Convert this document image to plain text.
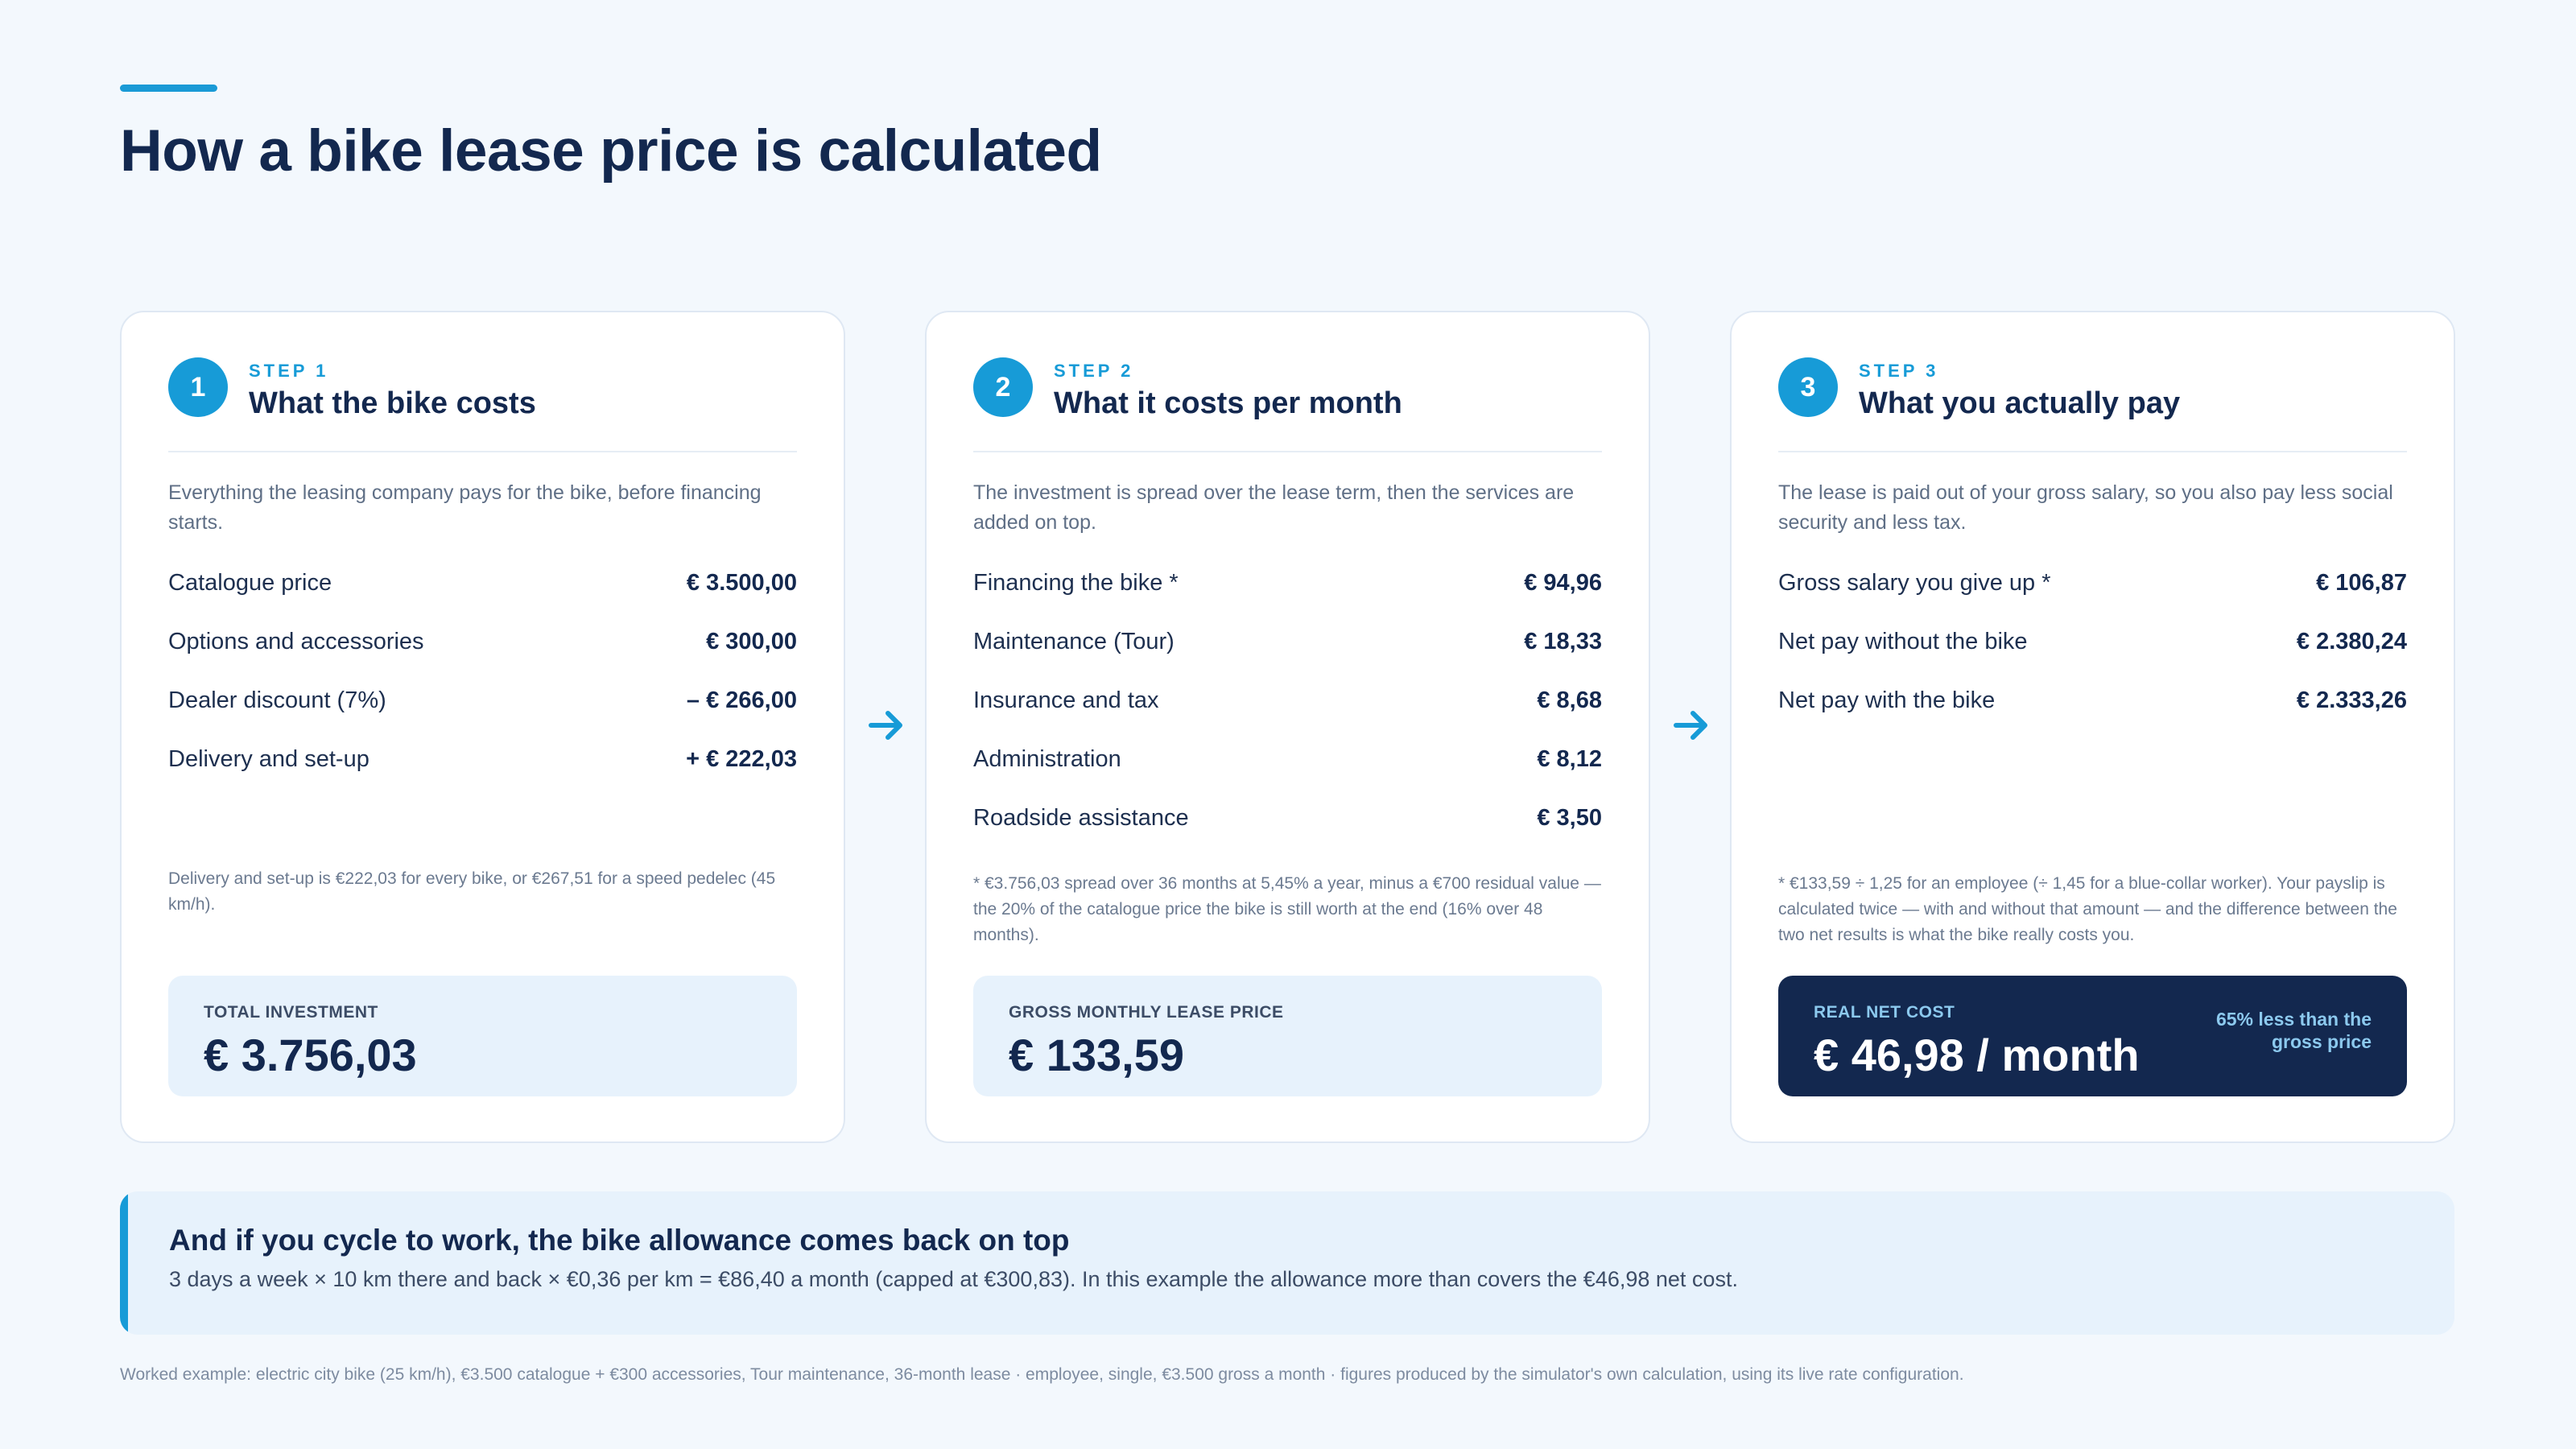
How a bike lease price is calculated
1
STEP 1
What the bike costs

Everything the leasing company pays for the bike, before financing starts.

Catalogue price	€ 3.500,00
Options and accessories	€ 300,00
Dealer discount (7%)	– € 266,00
Delivery and set-up	+ € 222,03

Delivery and set-up is €222,03 for every bike, or €267,51 for a speed pedelec (45 km/h).

TOTAL INVESTMENT
€ 3.756,03
2
STEP 2
What it costs per month

The investment is spread over the lease term, then the services are added on top.

Financing the bike *	€ 94,96
Maintenance (Tour)	€ 18,33
Insurance and tax	€ 8,68
Administration	€ 8,12
Roadside assistance	€ 3,50

* €3.756,03 spread over 36 months at 5,45% a year, minus a €700 residual value — the 20% of the catalogue price the bike is still worth at the end (16% over 48 months).

GROSS MONTHLY LEASE PRICE
€ 133,59
3
STEP 3
What you actually pay

The lease is paid out of your gross salary, so you also pay less social security and less tax.

Gross salary you give up *	€ 106,87
Net pay without the bike	€ 2.380,24
Net pay with the bike	€ 2.333,26

* €133,59 ÷ 1,25 for an employee (÷ 1,45 for a blue-collar worker). Your payslip is calculated twice — with and without that amount — and the difference between the two net results is what the bike really costs you.

REAL NET COST
€ 46,98 / month
65% less than the gross price
And if you cycle to work, the bike allowance comes back on top

3 days a week × 10 km there and back × €0,36 per km = €86,40 a month (capped at €300,83). In this example the allowance more than covers the €46,98 net cost.

Worked example: electric city bike (25 km/h), €3.500 catalogue + €300 accessories, Tour maintenance, 36-month lease · employee, single, €3.500 gross a month · figures produced by the simulator's own calculation, using its live rate configuration.
